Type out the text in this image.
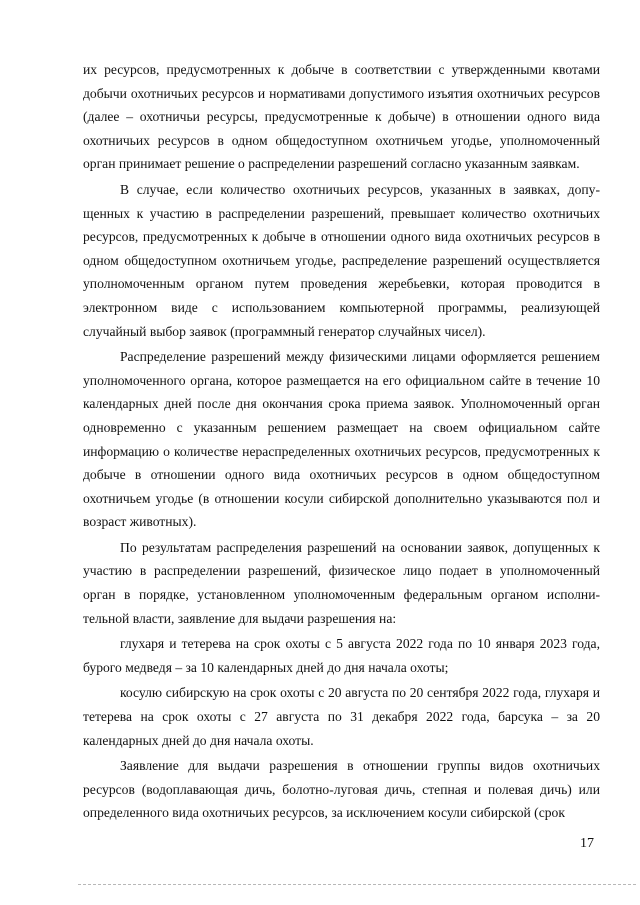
их ресурсов, предусмотренных к добыче в соответствии с утвержденными квотами добычи охотничьих ресурсов и нормативами допустимого изъятия охотничьих ресурсов (далее – охотничьи ресурсы, предусмотренные к добыче) в отношении одного вида охотничьих ресурсов в одном общедоступном охотничьем угодье, уполномоченный орган принимает решение о распределении разрешений согласно указанным заявкам.

В случае, если количество охотничьих ресурсов, указанных в заявках, допущенных к участию в распределении разрешений, превышает количество охотничьих ресурсов, предусмотренных к добыче в отношении одного вида охотничьих ресурсов в одном общедоступном охотничьем угодье, распределение разрешений осуществляется уполномоченным органом путем проведения жеребьевки, которая проводится в электронном виде с использованием компьютерной программы, реализующей случайный выбор заявок (программный генератор случайных чисел).

Распределение разрешений между физическими лицами оформляется решением уполномоченного органа, которое размещается на его официальном сайте в течение 10 календарных дней после дня окончания срока приема заявок. Уполномоченный орган одновременно с указанным решением размещает на своем официальном сайте информацию о количестве нераспределенных охотничьих ресурсов, предусмотренных к добыче в отношении одного вида охотничьих ресурсов в одном общедоступном охотничьем угодье (в отношении косули сибирской дополнительно указываются пол и возраст животных).

По результатам распределения разрешений на основании заявок, допущенных к участию в распределении разрешений, физическое лицо подает в уполномоченный орган в порядке, установленном уполномоченным федеральным органом исполнительной власти, заявление для выдачи разрешения на:

глухаря и тетерева на срок охоты с 5 августа 2022 года по 10 января 2023 года, бурого медведя – за 10 календарных дней до дня начала охоты;

косулю сибирскую на срок охоты с 20 августа по 20 сентября 2022 года, глухаря и тетерева на срок охоты с 27 августа по 31 декабря 2022 года, барсука – за 20 календарных дней до дня начала охоты.

Заявление для выдачи разрешения в отношении группы видов охотничьих ресурсов (водоплавающая дичь, болотно-луговая дичь, степная и полевая дичь) или определенного вида охотничьих ресурсов, за исключением косули сибирской (срок

17
